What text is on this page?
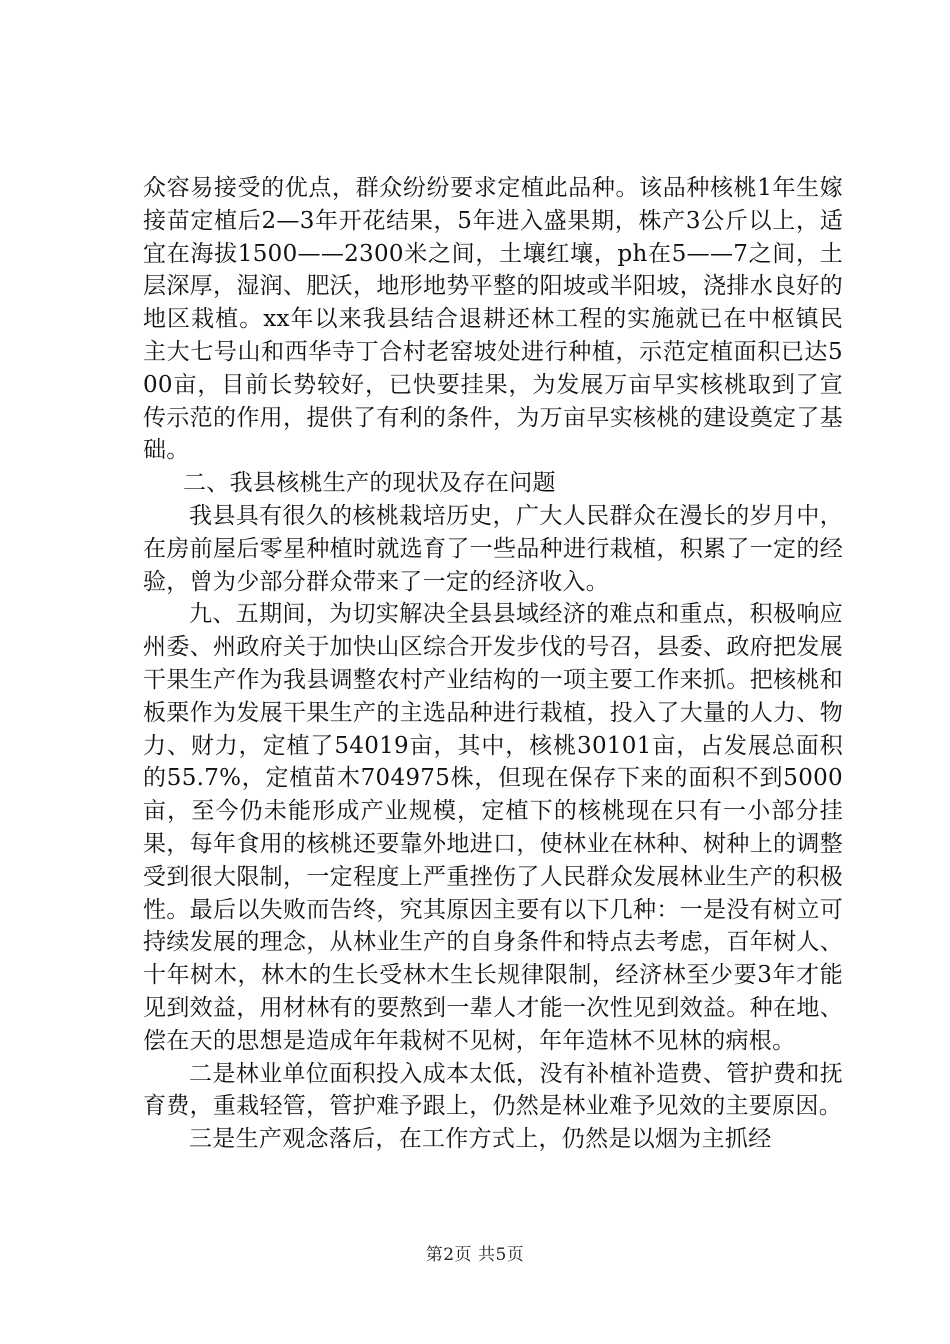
众容易接受的优点，群众纷纷要求定植此品种。该品种核桃1年生嫁接苗定植后2—3年开花结果，5年进入盛果期，株产3公斤以上，适宜在海拔1500——2300米之间，土壤红壤，ph在5——7之间，土层深厚，湿润、肥沃，地形地势平整的阳坡或半阳坡，浇排水良好的地区栽植。xx年以来我县结合退耕还林工程的实施就已在中枢镇民主大七号山和西华寺丁合村老窑坡处进行种植，示范定植面积已达500亩，目前长势较好，已快要挂果，为发展万亩早实核桃取到了宣传示范的作用，提供了有利的条件，为万亩早实核桃的建设奠定了基础。

二、我县核桃生产的现状及存在问题

我县具有很久的核桃栽培历史，广大人民群众在漫长的岁月中，在房前屋后零星种植时就选育了一些品种进行栽植，积累了一定的经验，曾为少部分群众带来了一定的经济收入。

九、五期间，为切实解决全县县域经济的难点和重点，积极响应州委、州政府关于加快山区综合开发步伐的号召，县委、政府把发展干果生产作为我县调整农村产业结构的一项主要工作来抓。把核桃和板栗作为发展干果生产的主选品种进行栽植，投入了大量的人力、物力、财力，定植了54019亩，其中，核桃30101亩，占发展总面积的55.7%，定植苗木704975株，但现在保存下来的面积不到5000亩，至今仍未能形成产业规模，定植下的核桃现在只有一小部分挂果，每年食用的核桃还要靠外地进口，使林业在林种、树种上的调整受到很大限制，一定程度上严重挫伤了人民群众发展林业生产的积极性。最后以失败而告终，究其原因主要有以下几种：一是没有树立可持续发展的理念，从林业生产的自身条件和特点去考虑，百年树人、十年树木，林木的生长受林木生长规律限制，经济林至少要3年才能见到效益，用材林有的要熬到一辈人才能一次性见到效益。种在地、偿在天的思想是造成年年栽树不见树，年年造林不见林的病根。

二是林业单位面积投入成本太低，没有补植补造费、管护费和抚育费，重栽轻管，管护难予跟上，仍然是林业难予见效的主要原因。

三是生产观念落后，在工作方式上，仍然是以烟为主抓经

第2页 共5页
